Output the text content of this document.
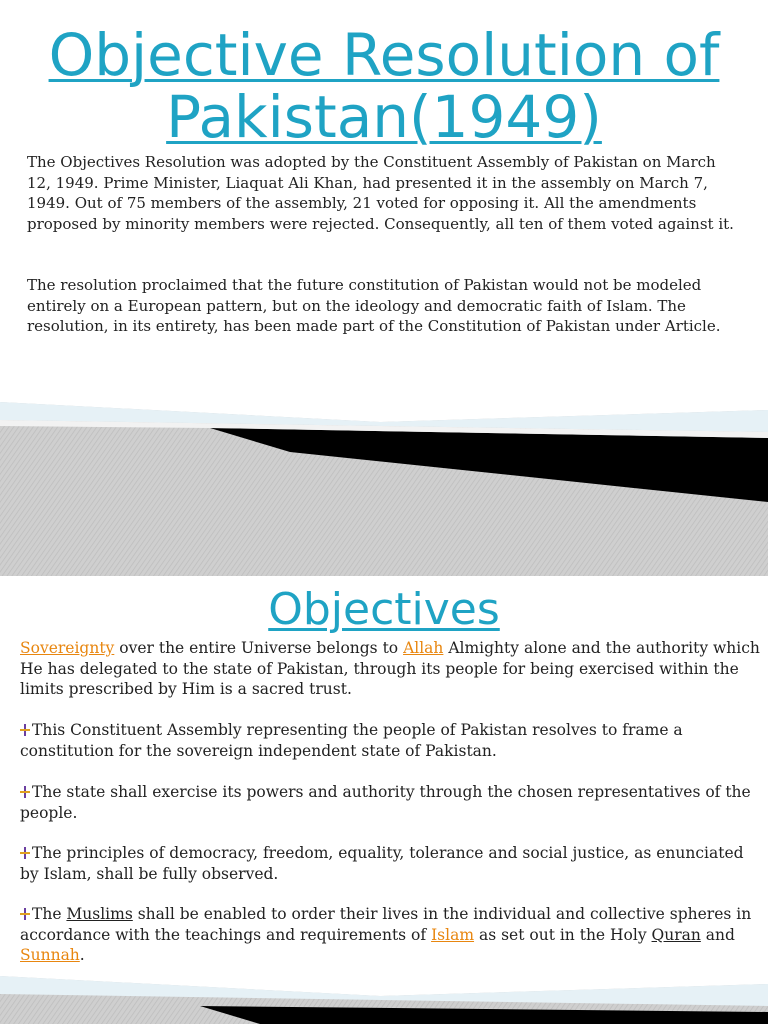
Objective Resolution of
Pakistan(1949)

The Objectives Resolution was adopted by the Constituent Assembly of Pakistan on March 12, 1949. Prime Minister, Liaquat Ali Khan, had presented it in the assembly on March 7, 1949. Out of 75 members of the assembly, 21 voted for opposing it. All the amendments proposed by minority members were rejected. Consequently, all ten of them voted against it.

The resolution proclaimed that the future constitution of Pakistan would not be modeled entirely on a European pattern, but on the ideology and democratic faith of Islam. The resolution, in its entirety, has been made part of the Constitution of Pakistan under Article.

Objectives

Sovereignty over the entire Universe belongs to Allah Almighty alone and the authority which He has delegated to the state of Pakistan, through its people for being exercised within the limits prescribed by Him is a sacred trust.

This Constituent Assembly representing the people of Pakistan resolves to frame a constitution for the sovereign independent state of Pakistan.

The state shall exercise its powers and authority through the chosen representatives of the people.

The principles of democracy, freedom, equality, tolerance and social justice, as enunciated by Islam, shall be fully observed.

The Muslims shall be enabled to order their lives in the individual and collective spheres in accordance with the teachings and requirements of Islam as set out in the Holy Quran and Sunnah.
